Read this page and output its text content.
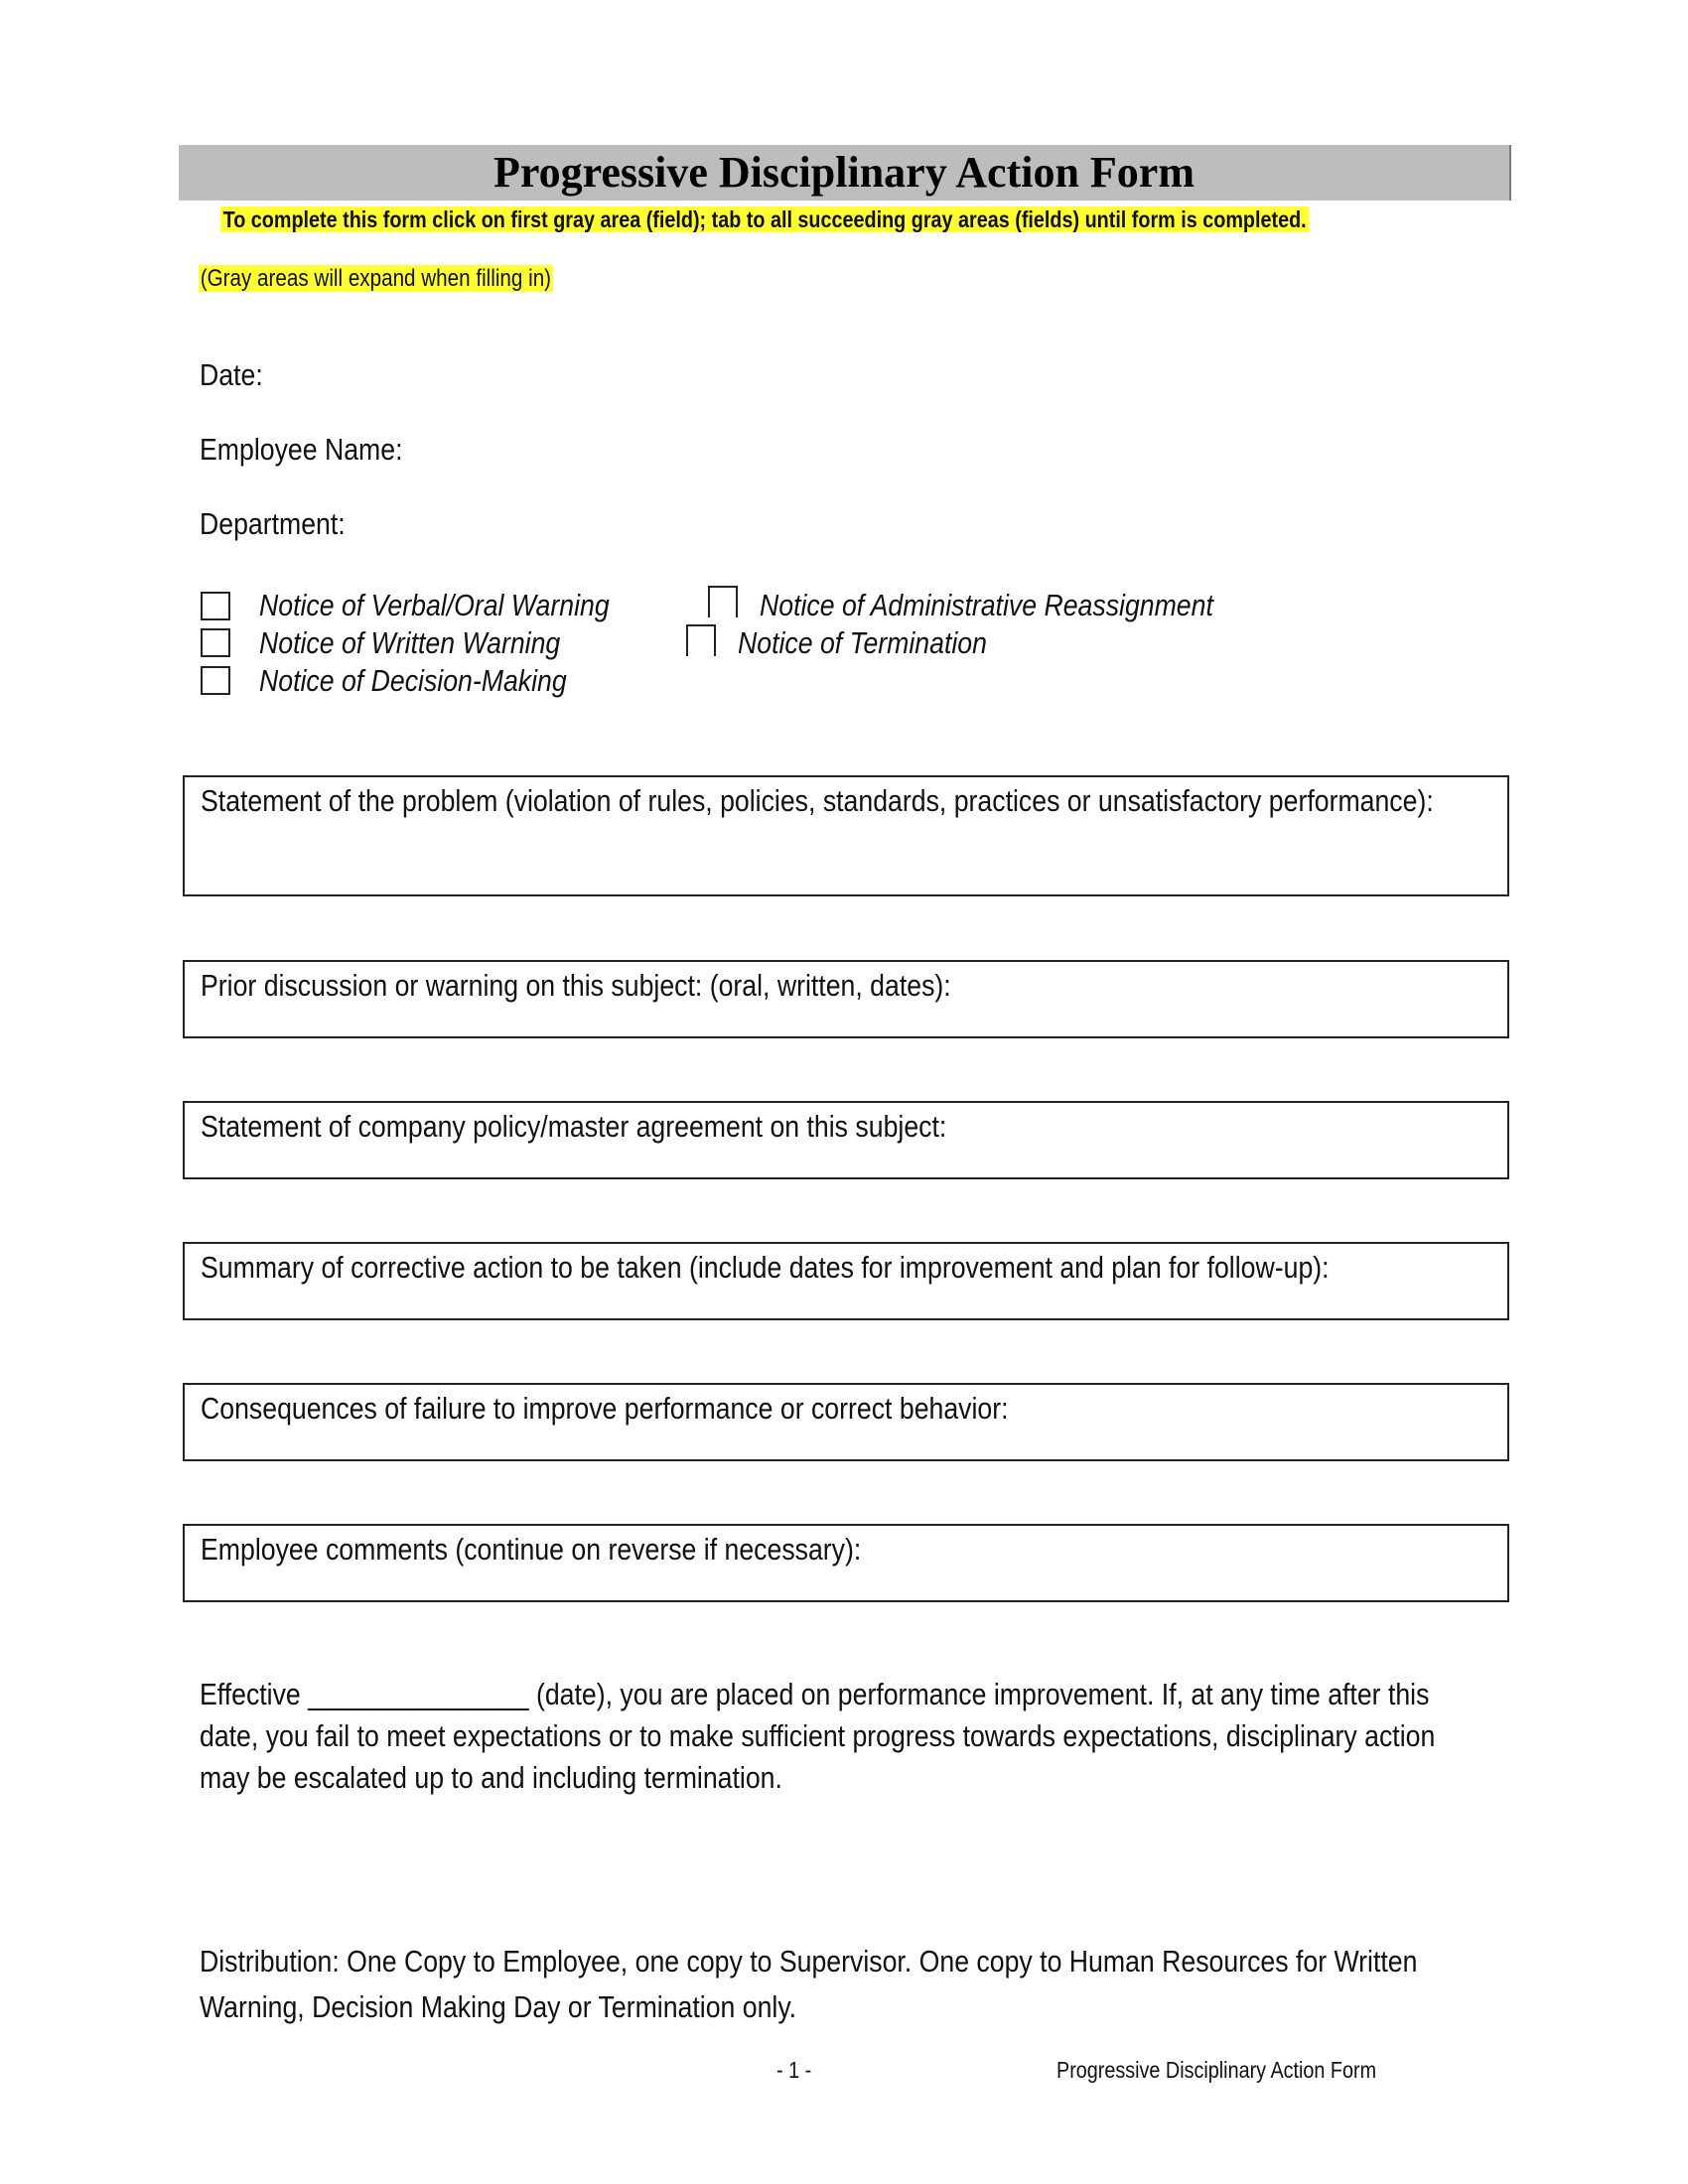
Progressive Disciplinary Action Form
To complete this form click on first gray area (field); tab to all succeeding gray areas (fields) until form is completed.
(Gray areas will expand when filling in)
Date:
Employee Name:
Department:
Notice of Verbal/Oral Warning
Notice of Written Warning
Notice of Decision-Making
Notice of Administrative Reassignment
Notice of Termination
Statement of the problem (violation of rules, policies, standards, practices or unsatisfactory performance):
Prior discussion or warning on this subject: (oral, written, dates):
Statement of company policy/master agreement on this subject:
Summary of corrective action to be taken (include dates for improvement and plan for follow-up):
Consequences of failure to improve performance or correct behavior:
Employee comments (continue on reverse if necessary):
Effective _______________ (date), you are placed on performance improvement. If, at any time after this
date, you fail to meet expectations or to make sufficient progress towards expectations, disciplinary action
may be escalated up to and including termination.
Distribution: One Copy to Employee, one copy to Supervisor. One copy to Human Resources for Written
Warning, Decision Making Day or Termination only.
- 1 -	Progressive Disciplinary Action Form
